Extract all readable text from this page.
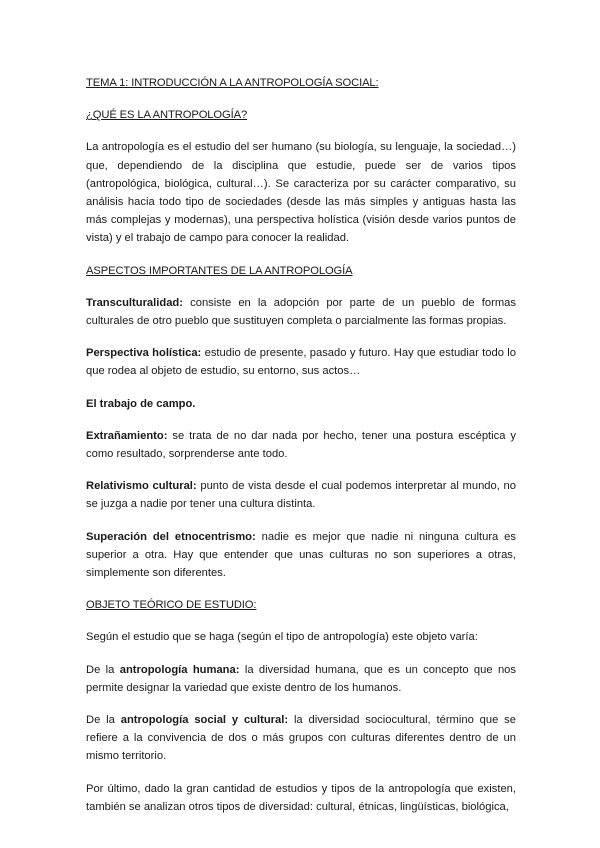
TEMA 1: INTRODUCCIÓN A LA ANTROPOLOGÍA SOCIAL:
¿QUÉ ES LA ANTROPOLOGÍA?

La antropología es el estudio del ser humano (su biología, su lenguaje, la sociedad…) que, dependiendo de la disciplina que estudie, puede ser de varios tipos (antropológica, biológica, cultural…). Se caracteriza por su carácter comparativo, su análisis hacia todo tipo de sociedades (desde las más simples y antiguas hasta las más complejas y modernas), una perspectiva holística (visión desde varios puntos de vista) y el trabajo de campo para conocer la realidad.

ASPECTOS IMPORTANTES DE LA ANTROPOLOGÍA

Transculturalidad: consiste en la adopción por parte de un pueblo de formas culturales de otro pueblo que sustituyen completa o parcialmente las formas propias.

Perspectiva holística: estudio de presente, pasado y futuro. Hay que estudiar todo lo que rodea al objeto de estudio, su entorno, sus actos…

El trabajo de campo.

Extrañamiento: se trata de no dar nada por hecho, tener una postura escéptica y como resultado, sorprenderse ante todo.

Relativismo cultural: punto de vista desde el cual podemos interpretar al mundo, no se juzga a nadie por tener una cultura distinta.

Superación del etnocentrismo: nadie es mejor que nadie ni ninguna cultura es superior a otra. Hay que entender que unas culturas no son superiores a otras, simplemente son diferentes.

OBJETO TEÓRICO DE ESTUDIO:

Según el estudio que se haga (según el tipo de antropología) este objeto varía:

De la antropología humana: la diversidad humana, que es un concepto que nos permite designar la variedad que existe dentro de los humanos.

De la antropología social y cultural: la diversidad sociocultural, término que se refiere a la convivencia de dos o más grupos con culturas diferentes dentro de un mismo territorio.

Por último, dado la gran cantidad de estudios y tipos de la antropología que existen, también se analizan otros tipos de diversidad: cultural, étnicas, lingüísticas, biológica,
